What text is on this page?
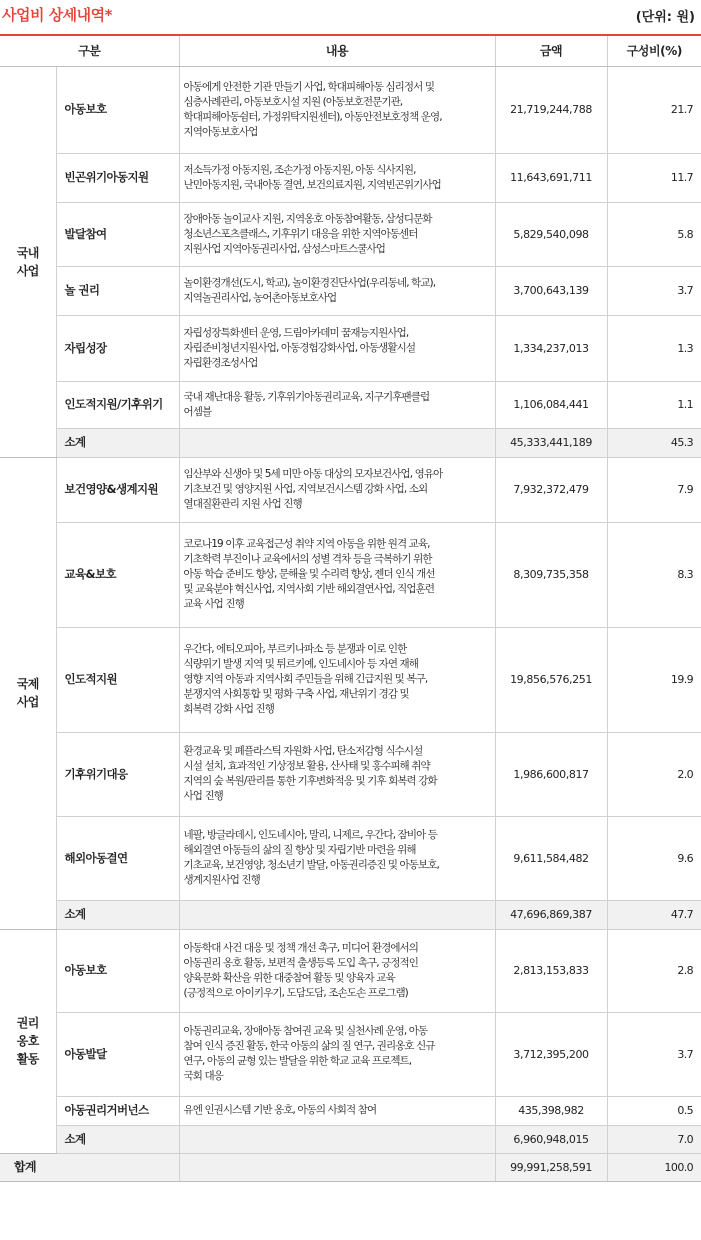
사업비 상세내역*	(단위: 원)
구분		내용	금액	구성비(%)
국내
사업	아동보호	아동에게 안전한 기관 만들기 사업, 학대피해아동 심리정서 및
심층사례관리, 아동보호시설 지원 (아동보호전문기관,
학대피해아동쉼터, 가정위탁지원센터), 아동안전보호정책 운영,
지역아동보호사업	21,719,244,788	21.7
	빈곤위기아동지원	저소득가정 아동지원, 조손가정 아동지원, 아동 식사지원,
난민아동지원, 국내아동 결연, 보건의료지원, 지역빈곤위기사업	11,643,691,711	11.7
	발달참여	장애아동 놀이교사 지원, 지역옹호 아동참여활동, 삼성디문화
청소년스포츠클래스, 기후위기 대응을 위한 지역아동센터
지원사업 지역아동권리사업, 삼성스마트스쿨사업	5,829,540,098	5.8
	놀 권리	놀이환경개선(도시, 학교), 놀이환경진단사업(우리동네, 학교),
지역놀권리사업, 농어촌아동보호사업	3,700,643,139	3.7
	자립성장	자립성장특화센터 운영, 드림아카데미 꿈재능지원사업,
자립준비청년지원사업, 아동경험강화사업, 아동생활시설
자립환경조성사업	1,334,237,013	1.3
	인도적지원/기후위기	국내 재난대응 활동, 기후위기아동권리교육, 지구기후팬클럽
어셈블	1,106,084,441	1.1
	소계		45,333,441,189	45.3
국제
사업	보건영양&생계지원	임산부와 신생아 및 5세 미만 아동 대상의 모자보건사업, 영유아
기초보건 및 영양지원 사업, 지역보건시스템 강화 사업, 소외
열대질환관리 지원 사업 진행	7,932,372,479	7.9
	교육&보호	코로나19 이후 교육접근성 취약 지역 아동을 위한 원격 교육,
기초학력 부진이나 교육에서의 성별 격차 등을 극복하기 위한
아동 학습 준비도 향상, 문해율 및 수리력 향상, 젠더 인식 개선
및 교육분야 혁신사업, 지역사회 기반 해외결연사업, 직업훈련
교육 사업 진행	8,309,735,358	8.3
	인도적지원	우간다, 에티오피아, 부르키나파소 등 분쟁과 이로 인한
식량위기 발생 지역 및 튀르키예, 인도네시아 등 자연 재해
영향 지역 아동과 지역사회 주민들을 위해 긴급지원 및 복구,
분쟁지역 사회통합 및 평화 구축 사업, 재난위기 경감 및
회복력 강화 사업 진행	19,856,576,251	19.9
	기후위기대응	환경교육 및 폐플라스틱 자원화 사업, 탄소저감형 식수시설
시설 설치, 효과적인 기상정보 활용, 산사태 및 홍수피해 취약
지역의 숲 복원/관리를 통한 기후변화적응 및 기후 회복력 강화
사업 진행	1,986,600,817	2.0
	해외아동결연	네팔, 방글라데시, 인도네시아, 말리, 니제르, 우간다, 잠비아 등
해외결연 아동들의 삶의 질 향상 및 자립기반 마련을 위해
기초교육, 보건영양, 청소년기 발달, 아동권리증진 및 아동보호,
생계지원사업 진행	9,611,584,482	9.6
	소계		47,696,869,387	47.7
권리
옹호
활동	아동보호	아동학대 사건 대응 및 정책 개선 촉구, 미디어 환경에서의
아동권리 옹호 활동, 보편적 출생등록 도입 촉구, 긍정적인
양육문화 확산을 위한 대중참여 활동 및 양육자 교육
(긍정적으로 아이키우기, 도담도담, 조손도손 프로그램)	2,813,153,833	2.8
	아동발달	아동권리교육, 장애아동 참여권 교육 및 실천사례 운영, 아동
참여 인식 증진 활동, 한국 아동의 삶의 질 연구, 권리옹호 신규
연구, 아동의 균형 있는 발달을 위한 학교 교육 프로젝트,
국회 대응	3,712,395,200	3.7
	아동권리거버넌스	유엔 인권시스템 기반 옹호, 아동의 사회적 참여	435,398,982	0.5
	소계		6,960,948,015	7.0
합계			99,991,258,591	100.0
